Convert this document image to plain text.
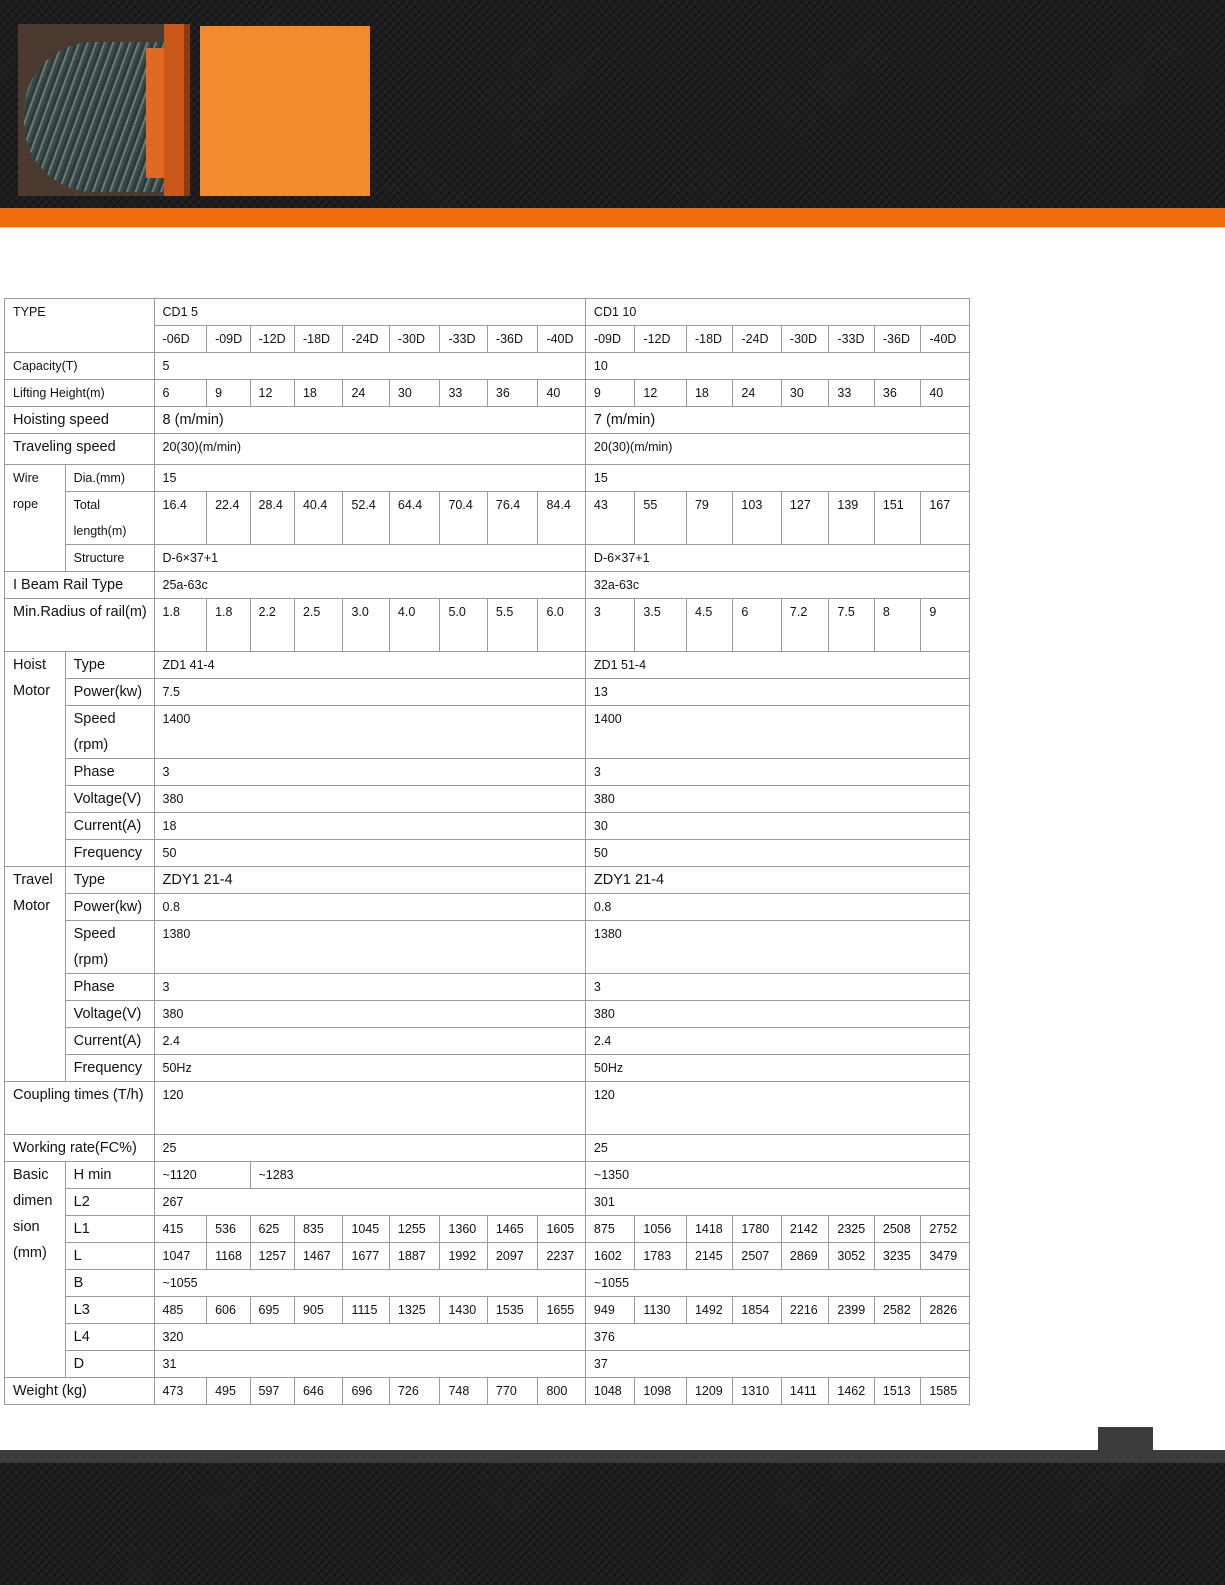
TYPE		CD1 5									CD1 10							
		-06D	-09D	-12D	-18D	-24D	-30D	-33D	-36D	-40D	-09D	-12D	-18D	-24D	-30D	-33D	-36D	-40D
Capacity(T)		5									10							
Lifting Height(m)		6	9	12	18	24	30	33	36	40	9	12	18	24	30	33	36	40
Hoisting speed		8 (m/min)									7 (m/min)							
Traveling speed		20(30)(m/min)									20(30)(m/min)							
Wire rope	Dia.(mm)	15									15							
	Total length(m)	16.4	22.4	28.4	40.4	52.4	64.4	70.4	76.4	84.4	43	55	79	103	127	139	151	167
	Structure	D-6×37+1									D-6×37+1							
I Beam Rail Type		25a-63c									32a-63c							
Min.Radius of rail(m)		1.8	1.8	2.2	2.5	3.0	4.0	5.0	5.5	6.0	3	3.5	4.5	6	7.2	7.5	8	9
Hoist Motor	Type	ZD1 41-4									ZD1 51-4							
	Power(kw)	7.5									13							
	Speed (rpm)	1400									1400							
	Phase	3									3							
	Voltage(V)	380									380							
	Current(A)	18									30							
	Frequency	50									50							
Travel Motor	Type	ZDY1 21-4									ZDY1 21-4							
	Power(kw)	0.8									0.8							
	Speed (rpm)	1380									1380							
	Phase	3									3							
	Voltage(V)	380									380							
	Current(A)	2.4									2.4							
	Frequency	50Hz									50Hz							
Coupling times (T/h)		120									120							
Working rate(FC%)		25									25							
Basic dimen sion (mm)	H min	~1120		~1283							~1350							
	L2	267									301							
	L1	415	536	625	835	1045	1255	1360	1465	1605	875	1056	1418	1780	2142	2325	2508	2752
	L	1047	1168	1257	1467	1677	1887	1992	2097	2237	1602	1783	2145	2507	2869	3052	3235	3479
	B	~1055									~1055							
	L3	485	606	695	905	1115	1325	1430	1535	1655	949	1130	1492	1854	2216	2399	2582	2826
	L4	320									376							
	D	31									37							
Weight (kg)		473	495	597	646	696	726	748	770	800	1048	1098	1209	1310	1411	1462	1513	1585
